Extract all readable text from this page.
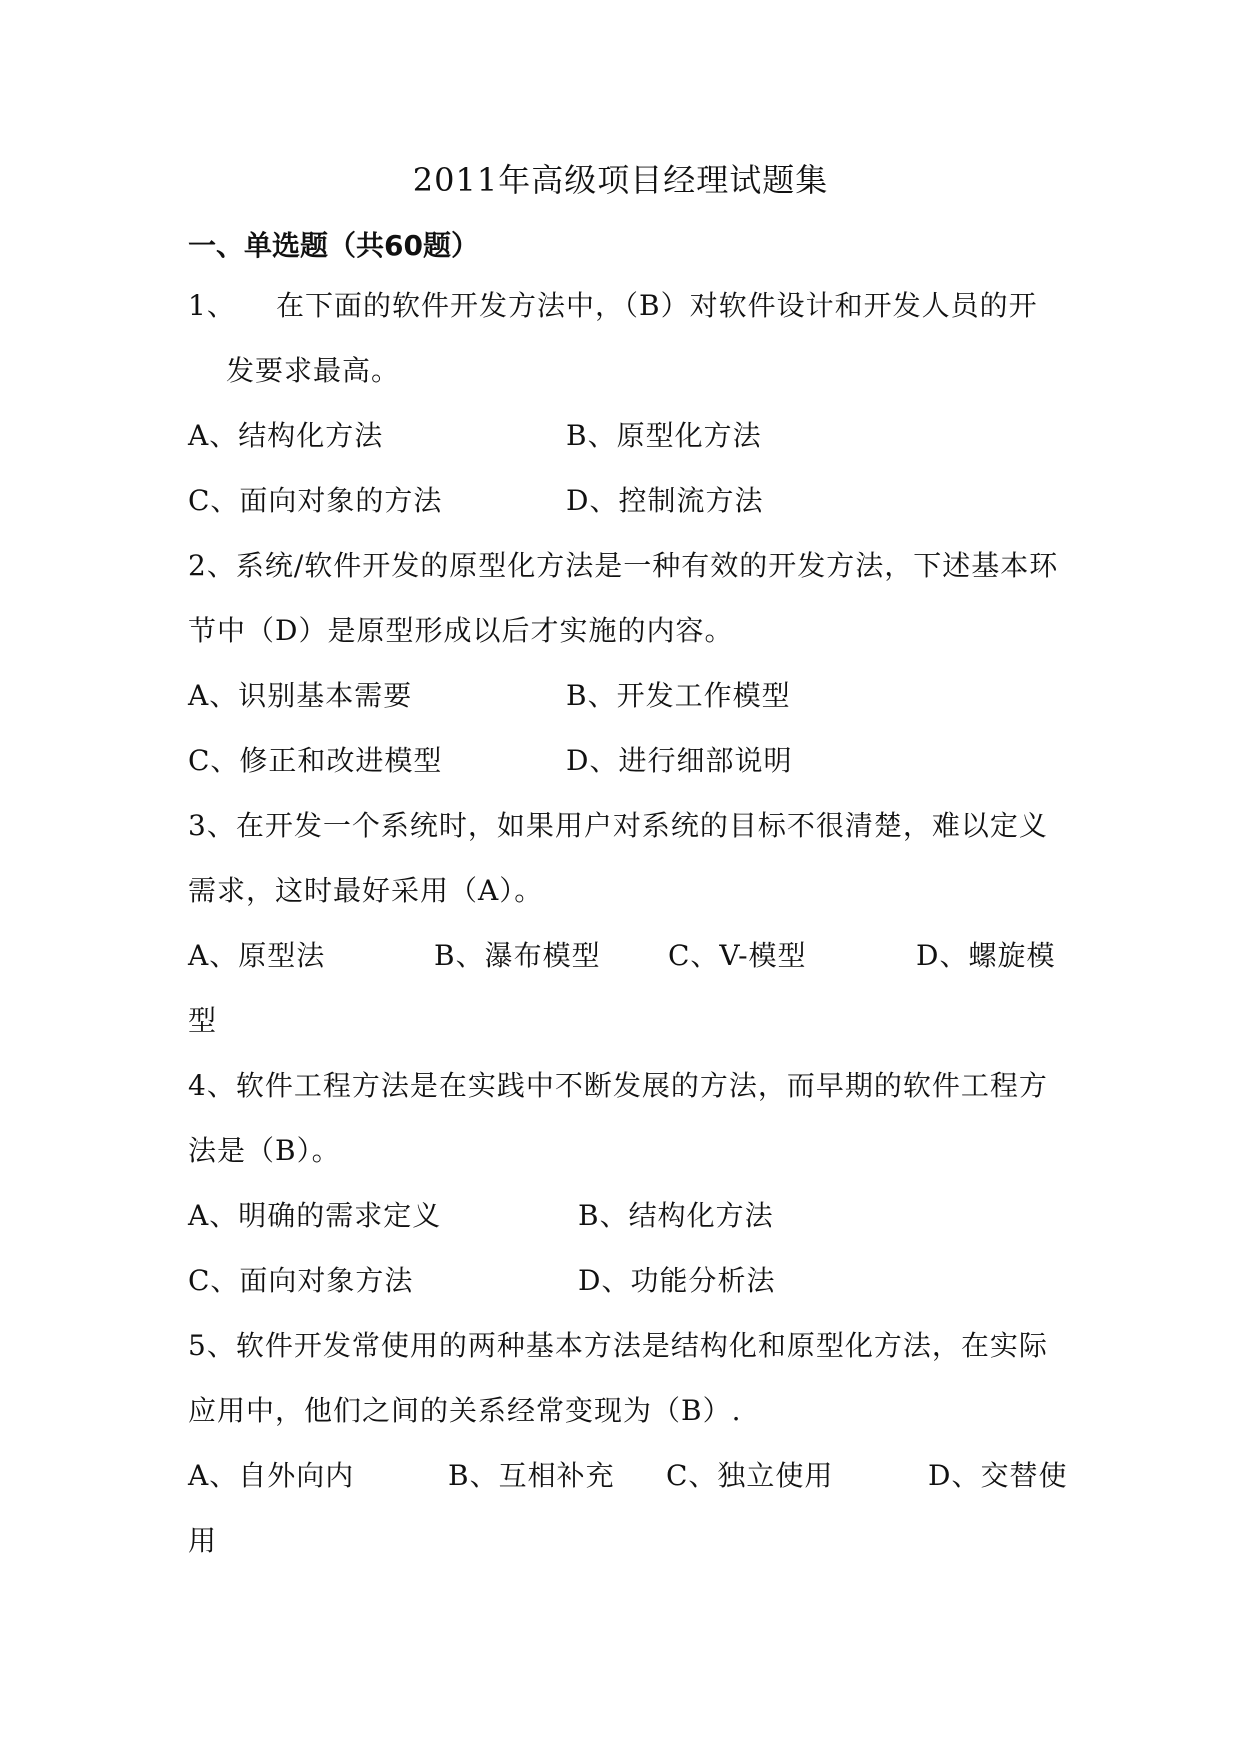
2011年高级项目经理试题集
一、单选题（共60题）
1、 在下面的软件开发方法中，（B）对软件设计和开发人员的开
发要求最高。
A、结构化方法	B、原型化方法
C、面向对象的方法	D、控制流方法
2、系统/软件开发的原型化方法是一种有效的开发方法，下述基本环
节中（D）是原型形成以后才实施的内容。
A、识别基本需要	B、开发工作模型
C、修正和改进模型	D、进行细部说明
3、在开发一个系统时，如果用户对系统的目标不很清楚，难以定义
需求，这时最好采用（A）。
A、原型法	B、瀑布模型 C、V-模型	D、螺旋模
型
4、软件工程方法是在实践中不断发展的方法，而早期的软件工程方
法是（B）。
A、明确的需求定义	B、结构化方法
C、面向对象方法	D、功能分析法
5、软件开发常使用的两种基本方法是结构化和原型化方法，在实际
应用中，他们之间的关系经常变现为（B）.
A、自外向内	B、互相补充 C、独立使用	D、交替使
用
